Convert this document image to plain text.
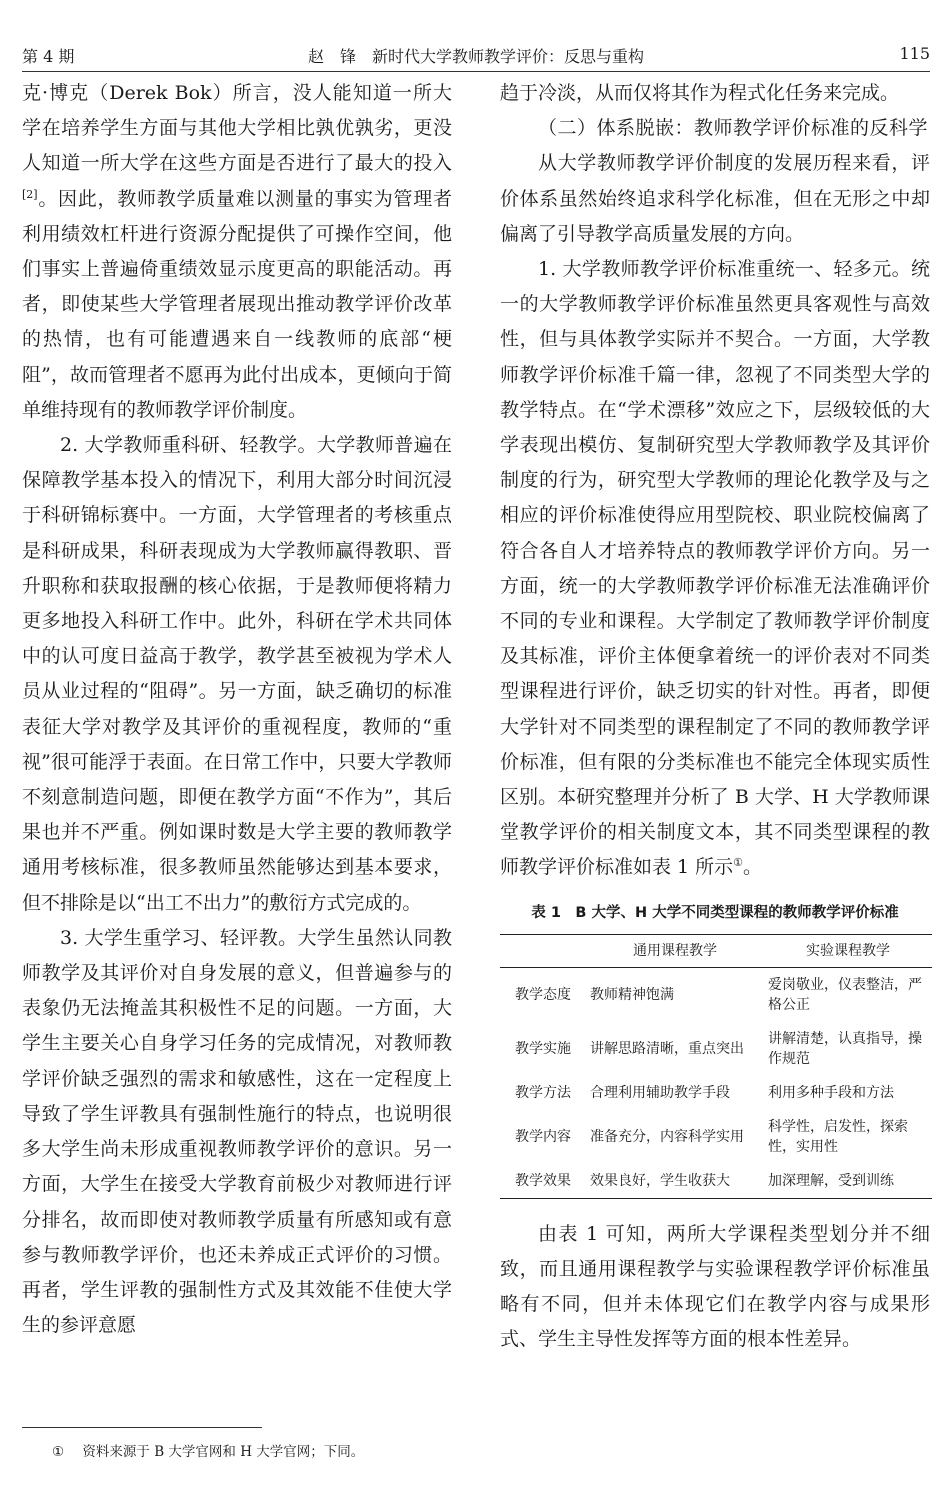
第 4 期	赵　锋　新时代大学教师教学评价：反思与重构	115

克·博克（Derek Bok）所言，没人能知道一所大学在培养学生方面与其他大学相比孰优孰劣，更没人知道一所大学在这些方面是否进行了最大的投入[2]。因此，教师教学质量难以测量的事实为管理者利用绩效杠杆进行资源分配提供了可操作空间，他们事实上普遍倚重绩效显示度更高的职能活动。再者，即使某些大学管理者展现出推动教学评价改革的热情，也有可能遭遇来自一线教师的底部“梗阻”，故而管理者不愿再为此付出成本，更倾向于简单维持现有的教师教学评价制度。

2. 大学教师重科研、轻教学。大学教师普遍在保障教学基本投入的情况下，利用大部分时间沉浸于科研锦标赛中。一方面，大学管理者的考核重点是科研成果，科研表现成为大学教师赢得教职、晋升职称和获取报酬的核心依据，于是教师便将精力更多地投入科研工作中。此外，科研在学术共同体中的认可度日益高于教学，教学甚至被视为学术人员从业过程的“阻碍”。另一方面，缺乏确切的标准表征大学对教学及其评价的重视程度，教师的“重视”很可能浮于表面。在日常工作中，只要大学教师不刻意制造问题，即便在教学方面“不作为”，其后果也并不严重。例如课时数是大学主要的教师教学通用考核标准，很多教师虽然能够达到基本要求，但不排除是以“出工不出力”的敷衍方式完成的。

3. 大学生重学习、轻评教。大学生虽然认同教师教学及其评价对自身发展的意义，但普遍参与的表象仍无法掩盖其积极性不足的问题。一方面，大学生主要关心自身学习任务的完成情况，对教师教学评价缺乏强烈的需求和敏感性，这在一定程度上导致了学生评教具有强制性施行的特点，也说明很多大学生尚未形成重视教师教学评价的意识。另一方面，大学生在接受大学教育前极少对教师进行评分排名，故而即使对教师教学质量有所感知或有意参与教师教学评价，也还未养成正式评价的习惯。再者，学生评教的强制性方式及其效能不佳使大学生的参评意愿

趋于冷淡，从而仅将其作为程式化任务来完成。

（二）体系脱嵌：教师教学评价标准的反科学

从大学教师教学评价制度的发展历程来看，评价体系虽然始终追求科学化标准，但在无形之中却偏离了引导教学高质量发展的方向。

1. 大学教师教学评价标准重统一、轻多元。统一的大学教师教学评价标准虽然更具客观性与高效性，但与具体教学实际并不契合。一方面，大学教师教学评价标准千篇一律，忽视了不同类型大学的教学特点。在“学术漂移”效应之下，层级较低的大学表现出模仿、复制研究型大学教师教学及其评价制度的行为，研究型大学教师的理论化教学及与之相应的评价标准使得应用型院校、职业院校偏离了符合各自人才培养特点的教师教学评价方向。另一方面，统一的大学教师教学评价标准无法准确评价不同的专业和课程。大学制定了教师教学评价制度及其标准，评价主体便拿着统一的评价表对不同类型课程进行评价，缺乏切实的针对性。再者，即便大学针对不同类型的课程制定了不同的教师教学评价标准，但有限的分类标准也不能完全体现实质性区别。本研究整理并分析了 B 大学、H 大学教师课堂教学评价的相关制度文本，其不同类型课程的教师教学评价标准如表 1 所示①。

表 1　B 大学、H 大学不同类型课程的教师教学评价标准
	通用课程教学	实验课程教学
教学态度	教师精神饱满	爱岗敬业，仪表整洁，严格公正
教学实施	讲解思路清晰，重点突出	讲解清楚，认真指导，操作规范
教学方法	合理利用辅助教学手段	利用多种手段和方法
教学内容	准备充分，内容科学实用	科学性，启发性，探索性，实用性
教学效果	效果良好，学生收获大	加深理解，受到训练

由表 1 可知，两所大学课程类型划分并不细致，而且通用课程教学与实验课程教学评价标准虽略有不同，但并未体现它们在教学内容与成果形式、学生主导性发挥等方面的根本性差异。

① 资料来源于 B 大学官网和 H 大学官网；下同。
